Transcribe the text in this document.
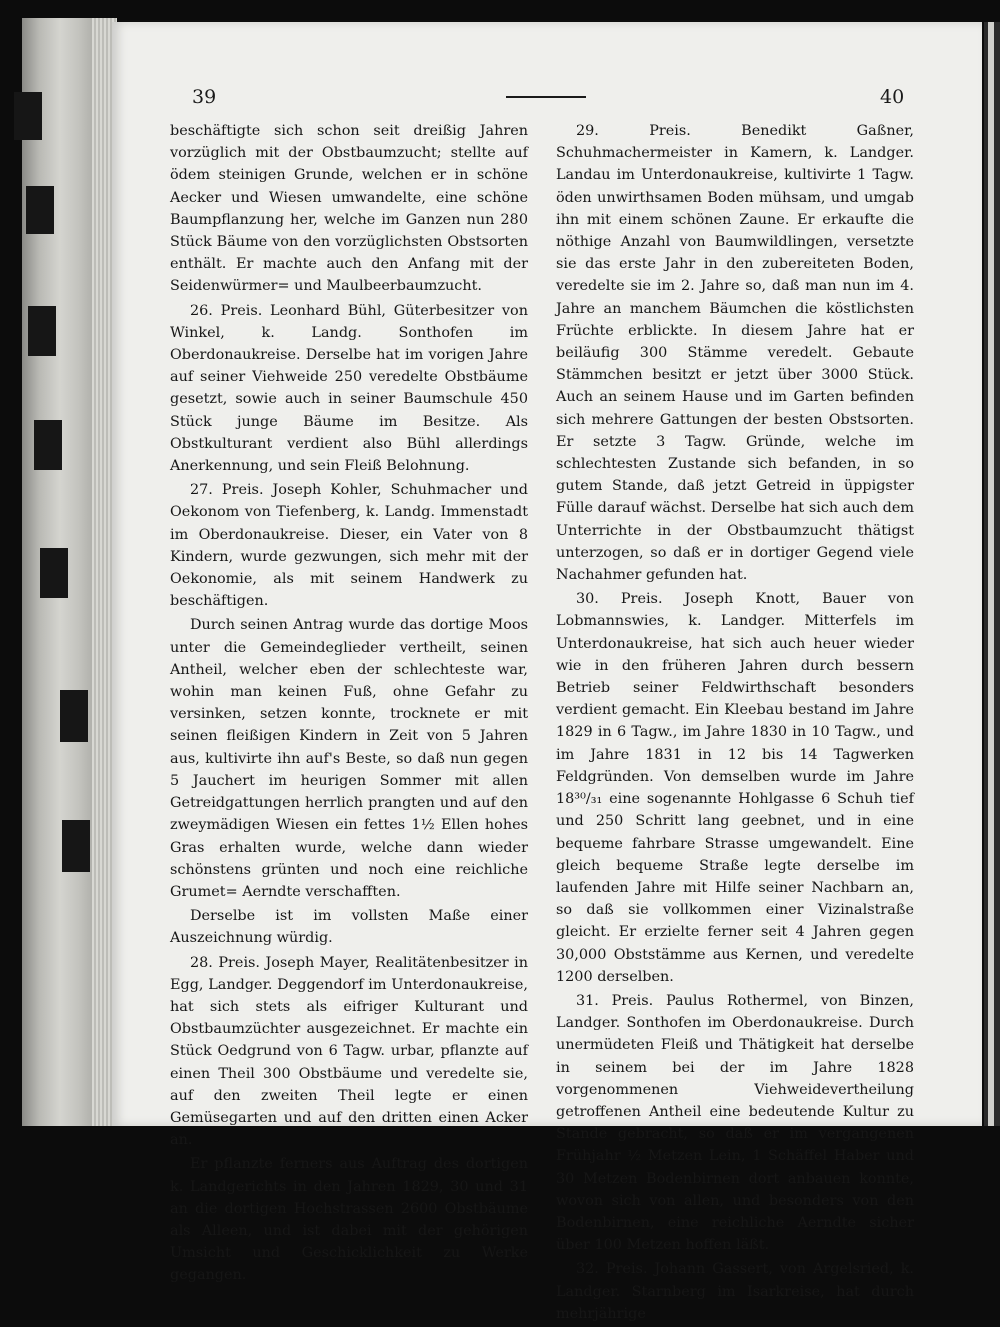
39	40

beschäftigte sich schon seit dreißig Jahren vorzüglich mit der Obstbaumzucht; stellte auf ödem steinigen Grunde, welchen er in schöne Aecker und Wiesen umwandelte, eine schöne Baumpflanzung her, welche im Ganzen nun 280 Stück Bäume von den vorzüglichsten Obstsorten enthält. Er machte auch den Anfang mit der Seidenwürmer= und Maulbeerbaumzucht.

26. Preis. Leonhard Bühl, Güterbesitzer von Winkel, k. Landg. Sonthofen im Oberdonaukreise. Derselbe hat im vorigen Jahre auf seiner Viehweide 250 veredelte Obstbäume gesetzt, sowie auch in seiner Baumschule 450 Stück junge Bäume im Besitze. Als Obstkulturant verdient also Bühl allerdings Anerkennung, und sein Fleiß Belohnung.

27. Preis. Joseph Kohler, Schuhmacher und Oekonom von Tiefenberg, k. Landg. Immenstadt im Oberdonaukreise. Dieser, ein Vater von 8 Kindern, wurde gezwungen, sich mehr mit der Oekonomie, als mit seinem Handwerk zu beschäftigen.

Durch seinen Antrag wurde das dortige Moos unter die Gemeindeglieder vertheilt, seinen Antheil, welcher eben der schlechteste war, wohin man keinen Fuß, ohne Gefahr zu versinken, setzen konnte, trocknete er mit seinen fleißigen Kindern in Zeit von 5 Jahren aus, kultivirte ihn auf's Beste, so daß nun gegen 5 Jauchert im heurigen Sommer mit allen Getreidgattungen herrlich prangten und auf den zweymädigen Wiesen ein fettes 1½ Ellen hohes Gras erhalten wurde, welche dann wieder schönstens grünten und noch eine reichliche Grumet= Aerndte verschafften.

Derselbe ist im vollsten Maße einer Auszeichnung würdig.

28. Preis. Joseph Mayer, Realitätenbesitzer in Egg, Landger. Deggendorf im Unterdonaukreise, hat sich stets als eifriger Kulturant und Obstbaumzüchter ausgezeichnet. Er machte ein Stück Oedgrund von 6 Tagw. urbar, pflanzte auf einen Theil 300 Obstbäume und veredelte sie, auf den zweiten Theil legte er einen Gemüsegarten und auf den dritten einen Acker an.

Er pflanzte ferners aus Auftrag des dortigen k. Landgerichts in den Jahren 1829, 30 und 31 an die dortigen Hochstrassen 2600 Obstbäume als Alleen, und ist dabei mit der gehörigen Umsicht und Geschicklichkeit zu Werke gegangen.

29. Preis. Benedikt Gaßner, Schuhmachermeister in Kamern, k. Landger. Landau im Unterdonaukreise, kultivirte 1 Tagw. öden unwirthsamen Boden mühsam, und umgab ihn mit einem schönen Zaune. Er erkaufte die nöthige Anzahl von Baumwildlingen, versetzte sie das erste Jahr in den zubereiteten Boden, veredelte sie im 2. Jahre so, daß man nun im 4. Jahre an manchem Bäumchen die köstlichsten Früchte erblickte. In diesem Jahre hat er beiläufig 300 Stämme veredelt. Gebaute Stämmchen besitzt er jetzt über 3000 Stück. Auch an seinem Hause und im Garten befinden sich mehrere Gattungen der besten Obstsorten. Er setzte 3 Tagw. Gründe, welche im schlechtesten Zustande sich befanden, in so gutem Stande, daß jetzt Getreid in üppigster Fülle darauf wächst. Derselbe hat sich auch dem Unterrichte in der Obstbaumzucht thätigst unterzogen, so daß er in dortiger Gegend viele Nachahmer gefunden hat.

30. Preis. Joseph Knott, Bauer von Lobmannswies, k. Landger. Mitterfels im Unterdonaukreise, hat sich auch heuer wieder wie in den früheren Jahren durch bessern Betrieb seiner Feldwirthschaft besonders verdient gemacht. Ein Kleebau bestand im Jahre 1829 in 6 Tagw., im Jahre 1830 in 10 Tagw., und im Jahre 1831 in 12 bis 14 Tagwerken Feldgründen. Von demselben wurde im Jahre 18³⁰/₃₁ eine sogenannte Hohlgasse 6 Schuh tief und 250 Schritt lang geebnet, und in eine bequeme fahrbare Strasse umgewandelt. Eine gleich bequeme Straße legte derselbe im laufenden Jahre mit Hilfe seiner Nachbarn an, so daß sie vollkommen einer Vizinalstraße gleicht. Er erzielte ferner seit 4 Jahren gegen 30,000 Obststämme aus Kernen, und veredelte 1200 derselben.

31. Preis. Paulus Rothermel, von Binzen, Landger. Sonthofen im Oberdonaukreise. Durch unermüdeten Fleiß und Thätigkeit hat derselbe in seinem bei der im Jahre 1828 vorgenommenen Viehweidevertheilung getroffenen Antheil eine bedeutende Kultur zu Stande gebracht, so daß er im vergangenen Frühjahr ½ Metzen Lein, 1 Schäffel Haber und 30 Metzen Bodenbirnen dort anbauen konnte, wovon sich von allen, und besonders von den Bodenbirnen, eine reichliche Aerndte sicher über 100 Metzen hoffen läßt.

32. Preis. Johann Gassert, von Argelsried, k. Landger. Starnberg im Isarkreise, hat durch mehrjährige
